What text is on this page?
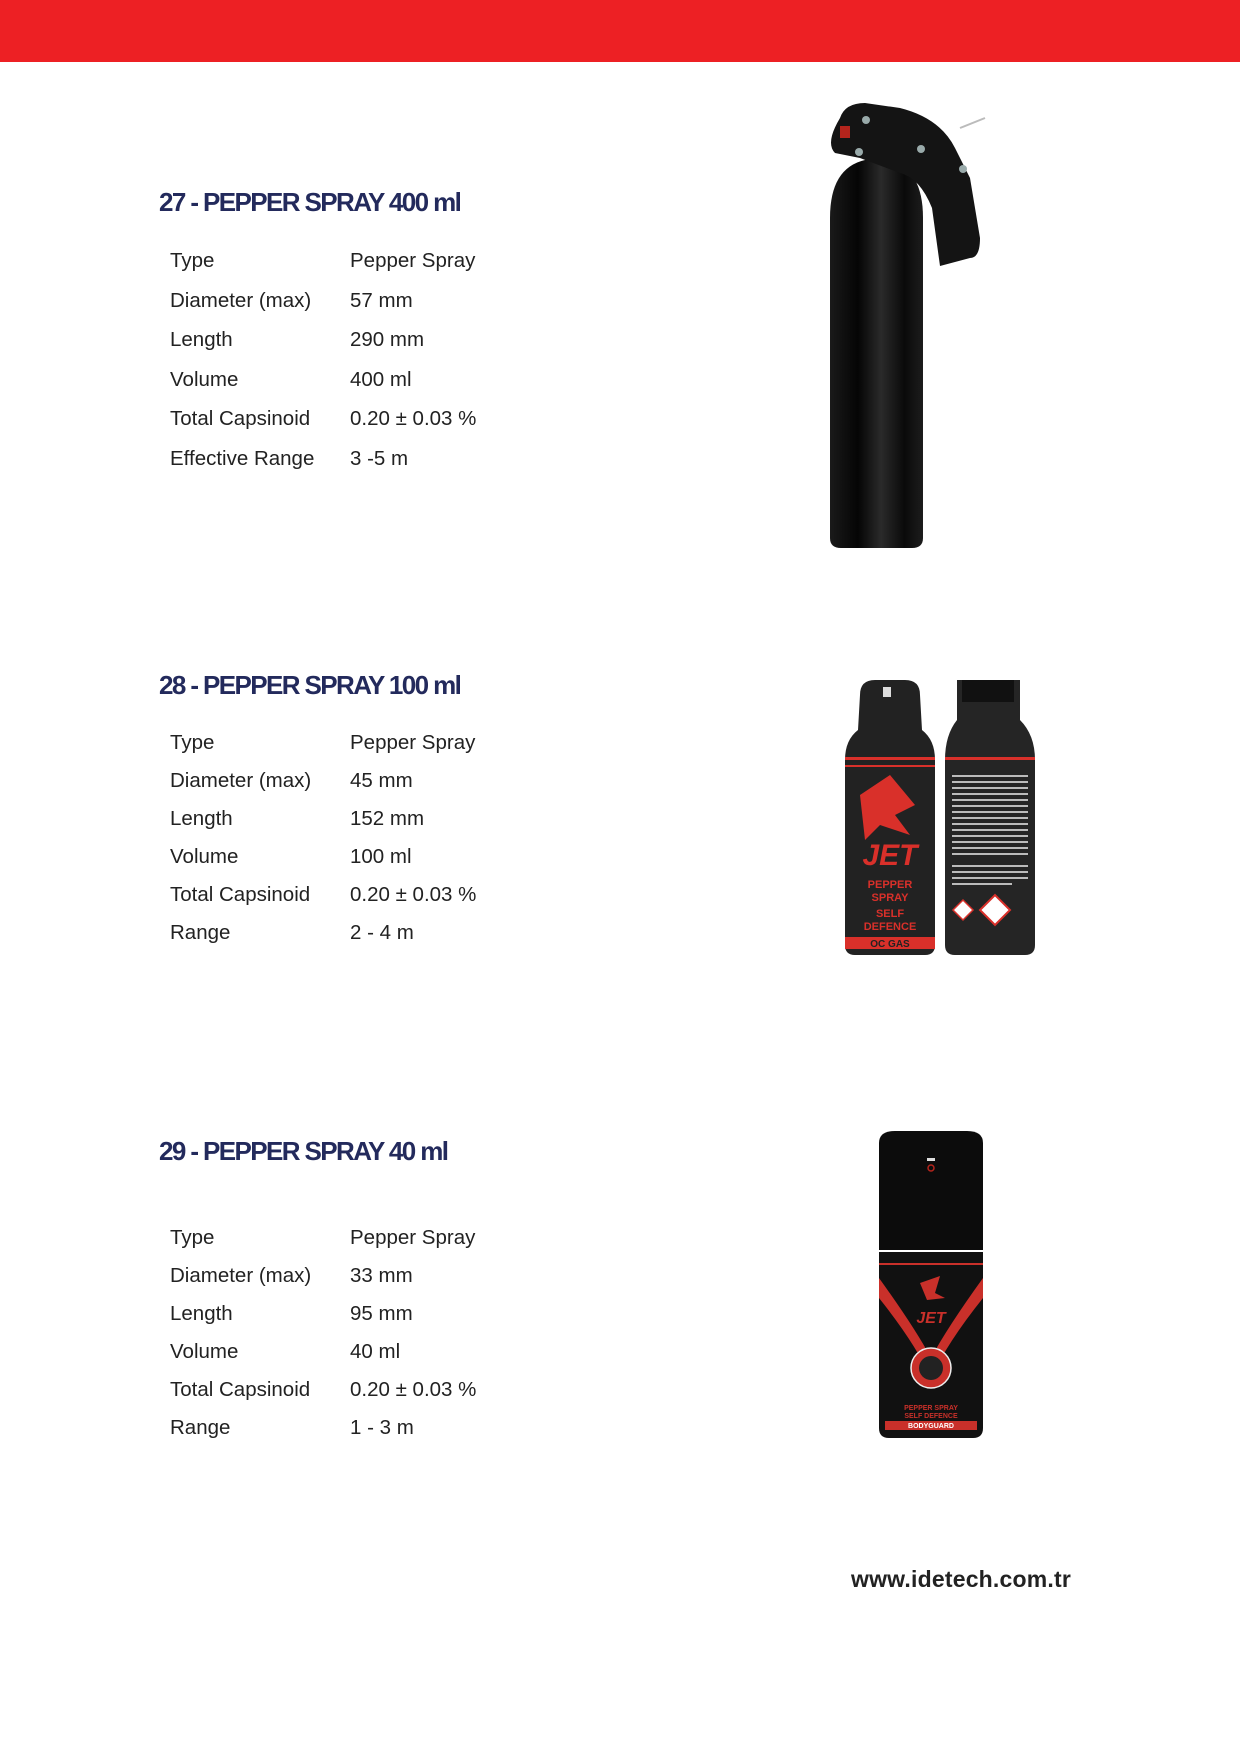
27 - PEPPER SPRAY 400 ml
Type	Pepper Spray
Diameter (max) 57 mm
Length	290 mm
Volume	400 ml
Total Capsinoid 0.20 ± 0.03 %
Effective Range 3 -5 m
28 - PEPPER SPRAY 100 ml
Type	Pepper Spray
Diameter (max) 45 mm
Length	152 mm
Volume	100 ml
Total Capsinoid 0.20 ± 0.03 %
Range	2 - 4 m
JET
PEPPER
SPRAY
SELF
DEFENCE
OC GAS
29 - PEPPER SPRAY 40 ml
Type	Pepper Spray
Diameter (max) 33 mm
Length	95 mm
Volume	40 ml
Total Capsinoid 0.20 ± 0.03 %
Range	1 - 3 m
JET
PEPPER SPRAY
SELF DEFENCE
BODYGUARD
www.idetech.com.tr
